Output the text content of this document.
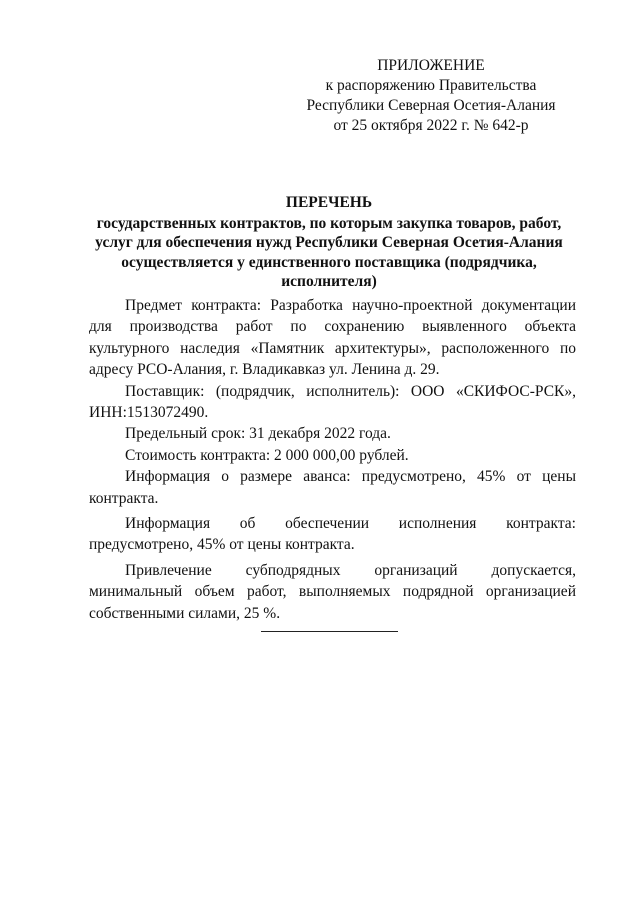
ПРИЛОЖЕНИЕ
к распоряжению Правительства
Республики Северная Осетия-Алания
от 25 октября 2022 г. № 642-р
ПЕРЕЧЕНЬ
государственных контрактов, по которым закупка товаров, работ,
услуг для обеспечения нужд Республики Северная Осетия-Алания
осуществляется у единственного поставщика (подрядчика,
исполнителя)

Предмет контракта: Разработка научно-проектной документации для производства работ по сохранению выявленного объекта культурного наследия «Памятник архитектуры», расположенного по адресу РСО-Алания, г. Владикавказ ул. Ленина д. 29.

Поставщик: (подрядчик, исполнитель): ООО «СКИФОС-РСК», ИНН:1513072490.

Предельный срок: 31 декабря 2022 года.

Стоимость контракта: 2 000 000,00 рублей.

Информация о размере аванса: предусмотрено, 45% от цены контракта.

Информация об обеспечении исполнения контракта: предусмотрено, 45% от цены контракта.

Привлечение субподрядных организаций допускается, минимальный объем работ, выполняемых подрядной организацией собственными силами, 25 %.
